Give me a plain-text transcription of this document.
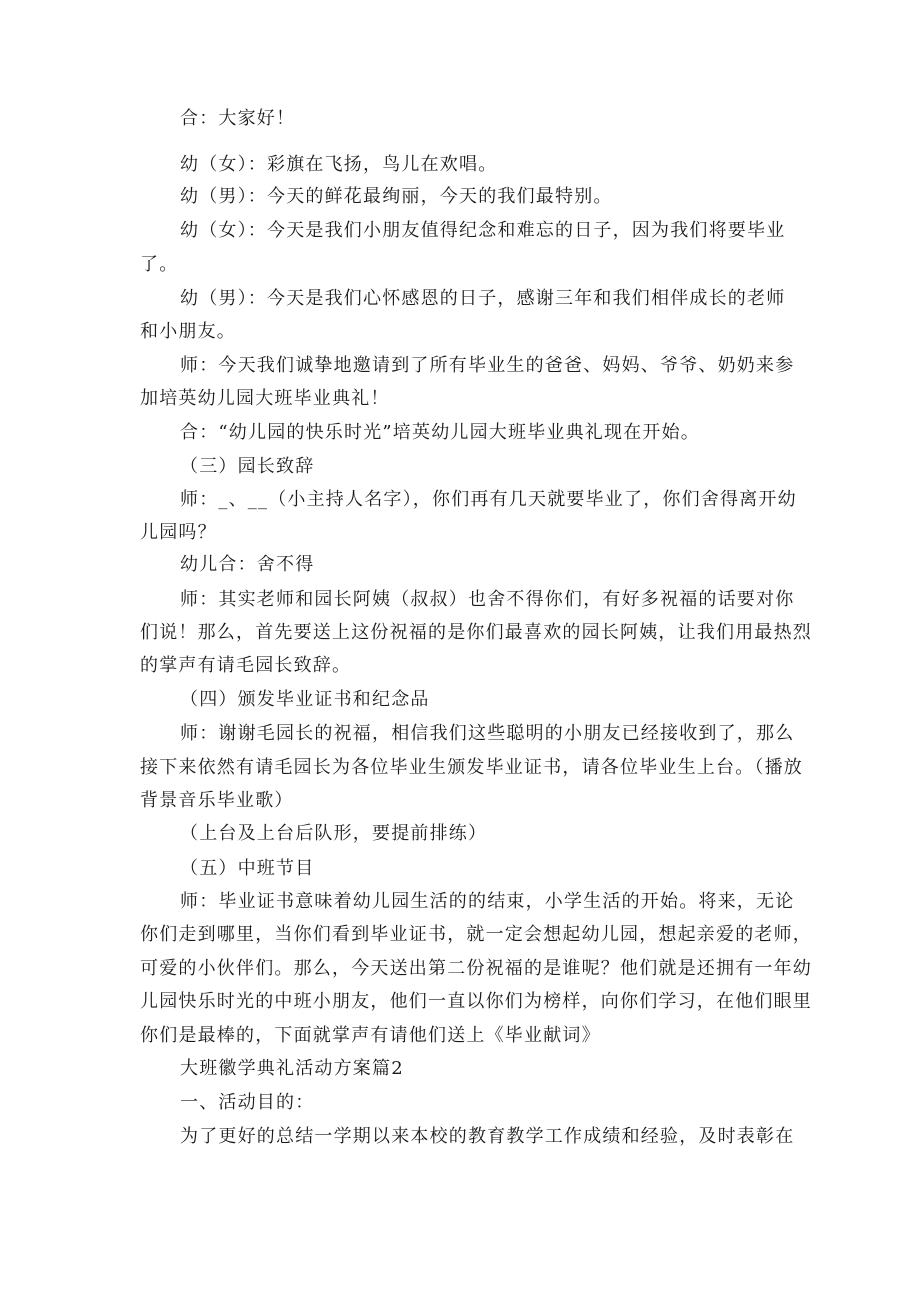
合：大家好！
幼（女）：彩旗在飞扬，鸟儿在欢唱。
幼（男）：今天的鲜花最绚丽，今天的我们最特别。
幼（女）：今天是我们小朋友值得纪念和难忘的日子，因为我们将要毕业
了。
幼（男）：今天是我们心怀感恩的日子，感谢三年和我们相伴成长的老师
和小朋友。
师：今天我们诚挚地邀请到了所有毕业生的爸爸、妈妈、爷爷、奶奶来参
加培英幼儿园大班毕业典礼！
合：“幼儿园的快乐时光”培英幼儿园大班毕业典礼现在开始。
（三）园长致辞
师：_、__（小主持人名字），你们再有几天就要毕业了，你们舍得离开幼
儿园吗？
幼儿合：舍不得
师：其实老师和园长阿姨（叔叔）也舍不得你们，有好多祝福的话要对你
们说！那么，首先要送上这份祝福的是你们最喜欢的园长阿姨，让我们用最热烈
的掌声有请毛园长致辞。
（四）颁发毕业证书和纪念品
师：谢谢毛园长的祝福，相信我们这些聪明的小朋友已经接收到了，那么
接下来依然有请毛园长为各位毕业生颁发毕业证书，请各位毕业生上台。（播放
背景音乐毕业歌）
（上台及上台后队形，要提前排练）
（五）中班节目
师：毕业证书意味着幼儿园生活的的结束，小学生活的开始。将来，无论
你们走到哪里，当你们看到毕业证书，就一定会想起幼儿园，想起亲爱的老师，
可爱的小伙伴们。那么，今天送出第二份祝福的是谁呢？他们就是还拥有一年幼
儿园快乐时光的中班小朋友，他们一直以你们为榜样，向你们学习，在他们眼里
你们是最棒的，下面就掌声有请他们送上《毕业献词》
大班徽学典礼活动方案篇2
一、活动目的：
为了更好的总结一学期以来本校的教育教学工作成绩和经验，及时表彰在
